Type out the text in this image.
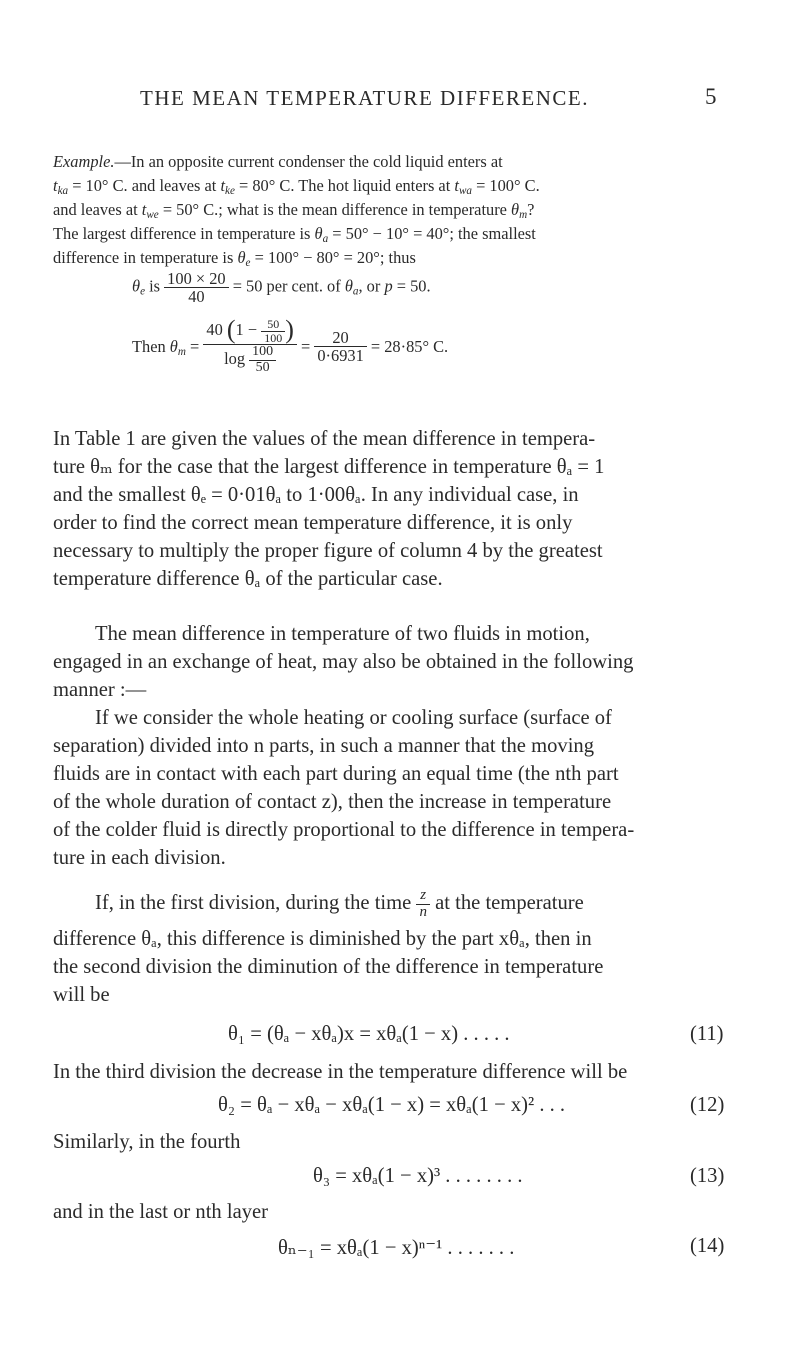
THE MEAN TEMPERATURE DIFFERENCE.	5
Example.—In an opposite current condenser the cold liquid enters at
$t_{ka} = 10^\circ$ C. and leaves at $t_{ke} = 80^\circ$ C. The hot liquid enters at $t_{wa} = 100^\circ$ C.
and leaves at $t_{we} = 50^\circ$ C.; what is the mean difference in temperature $\theta_m$?
The largest difference in temperature is $\theta_a = 50^\circ - 10^\circ = 40^\circ$; the smallest
difference in temperature is $\theta_e = 100^\circ - 80^\circ = 20^\circ$; thus
$\theta_e$ is $\frac{100 \times 20}{40} = 50$ per cent. of $\theta_a$, or p = 50.
Then $\theta_m$ =
40 ($1 - \frac{50}{100}$ )
$\log \frac{100}{50} = \frac{20}{0\cdot 6931} = 28\cdot 85^\circ$ C.
In Table 1 are given the values of the mean difference in tempera-
ture θₘ for the case that the largest difference in temperature θₐ = 1
and the smallest θₑ = 0·01θₐ to 1·00θₐ. In any individual case, in
order to find the correct mean temperature difference, it is only
necessary to multiply the proper figure of column 4 by the greatest
temperature difference θₐ of the particular case.
The mean difference in temperature of two fluids in motion,
engaged in an exchange of heat, may also be obtained in the following
manner :—
If we consider the whole heating or cooling surface (surface of
separation) divided into n parts, in such a manner that the moving
fluids are in contact with each part during an equal time (the nth part
of the whole duration of contact z), then the increase in temperature
of the colder fluid is directly proportional to the difference in tempera-
ture in each division.
If, in the first division, during the time $\frac{z}{n}$ at the temperature
difference θₐ, this difference is diminished by the part xθₐ, then in
the second division the diminution of the difference in temperature
will be
θ₁ = (θₐ − xθₐ)x = xθₐ(1 − x) . . . . .	(11)
In the third division the decrease in the temperature difference will be
θ₂ = θₐ − xθₐ − xθₐ(1 − x) = xθₐ(1 − x)² . . .	(12)
Similarly, in the fourth
θ₃ = xθₐ(1 − x)³ . . . . . . . .	(13)
and in the last or nth layer
θₙ₋₁ = xθₐ(1 − x)ⁿ⁻¹ . . . . . . .	(14)
